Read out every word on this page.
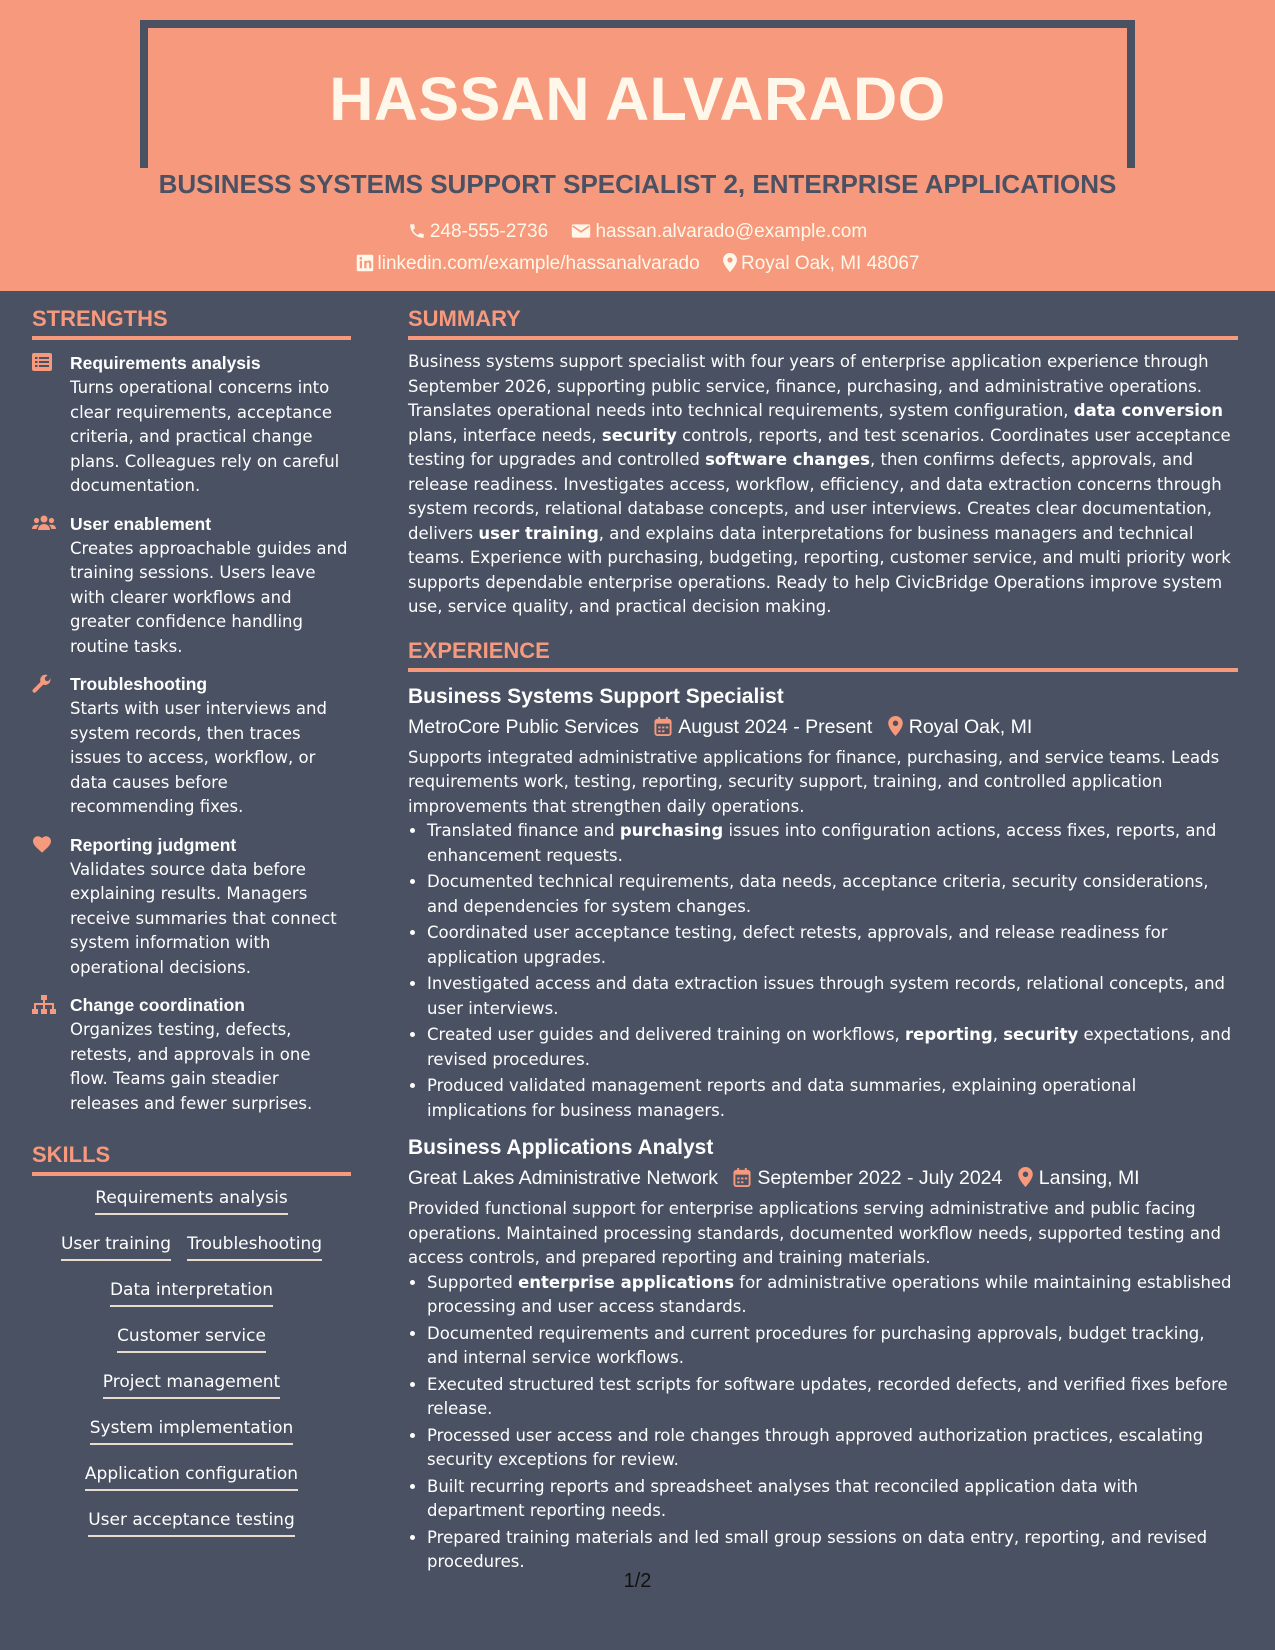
HASSAN ALVARADO
BUSINESS SYSTEMS SUPPORT SPECIALIST 2, ENTERPRISE APPLICATIONS
248-555-2736 hassan.alvarado@example.com
linkedin.com/example/hassanalvarado Royal Oak, MI 48067
STRENGTHS
Requirements analysis
Turns operational concerns into clear requirements, acceptance criteria, and practical change plans. Colleagues rely on careful documentation.
User enablement
Creates approachable guides and training sessions. Users leave with clearer workflows and greater confidence handling routine tasks.
Troubleshooting
Starts with user interviews and system records, then traces issues to access, workflow, or data causes before recommending fixes.
Reporting judgment
Validates source data before explaining results. Managers receive summaries that connect system information with operational decisions.
Change coordination
Organizes testing, defects, retests, and approvals in one flow. Teams gain steadier releases and fewer surprises.
SKILLS
Requirements analysis
User training Troubleshooting
Data interpretation
Customer service
Project management
System implementation
Application configuration
User acceptance testing
SUMMARY
Business systems support specialist with four years of enterprise application experience through September 2026, supporting public service, finance, purchasing, and administrative operations. Translates operational needs into technical requirements, system configuration, data conversion plans, interface needs, security controls, reports, and test scenarios. Coordinates user acceptance testing for upgrades and controlled software changes, then confirms defects, approvals, and release readiness. Investigates access, workflow, efficiency, and data extraction concerns through system records, relational database concepts, and user interviews. Creates clear documentation, delivers user training, and explains data interpretations for business managers and technical teams. Experience with purchasing, budgeting, reporting, customer service, and multi priority work supports dependable enterprise operations. Ready to help CivicBridge Operations improve system use, service quality, and practical decision making.
EXPERIENCE
Business Systems Support Specialist
MetroCore Public Services August 2024 - Present Royal Oak, MI
Supports integrated administrative applications for finance, purchasing, and service teams. Leads requirements work, testing, reporting, security support, training, and controlled application improvements that strengthen daily operations.
• Translated finance and purchasing issues into configuration actions, access fixes, reports, and enhancement requests.
• Documented technical requirements, data needs, acceptance criteria, security considerations, and dependencies for system changes.
• Coordinated user acceptance testing, defect retests, approvals, and release readiness for application upgrades.
• Investigated access and data extraction issues through system records, relational concepts, and user interviews.
• Created user guides and delivered training on workflows, reporting, security expectations, and revised procedures.
• Produced validated management reports and data summaries, explaining operational implications for business managers.
Business Applications Analyst
Great Lakes Administrative Network September 2022 - July 2024 Lansing, MI
Provided functional support for enterprise applications serving administrative and public facing operations. Maintained processing standards, documented workflow needs, supported testing and access controls, and prepared reporting and training materials.
• Supported enterprise applications for administrative operations while maintaining established processing and user access standards.
• Documented requirements and current procedures for purchasing approvals, budget tracking, and internal service workflows.
• Executed structured test scripts for software updates, recorded defects, and verified fixes before release.
• Processed user access and role changes through approved authorization practices, escalating security exceptions for review.
• Built recurring reports and spreadsheet analyses that reconciled application data with department reporting needs.
• Prepared training materials and led small group sessions on data entry, reporting, and revised procedures.
1/2
